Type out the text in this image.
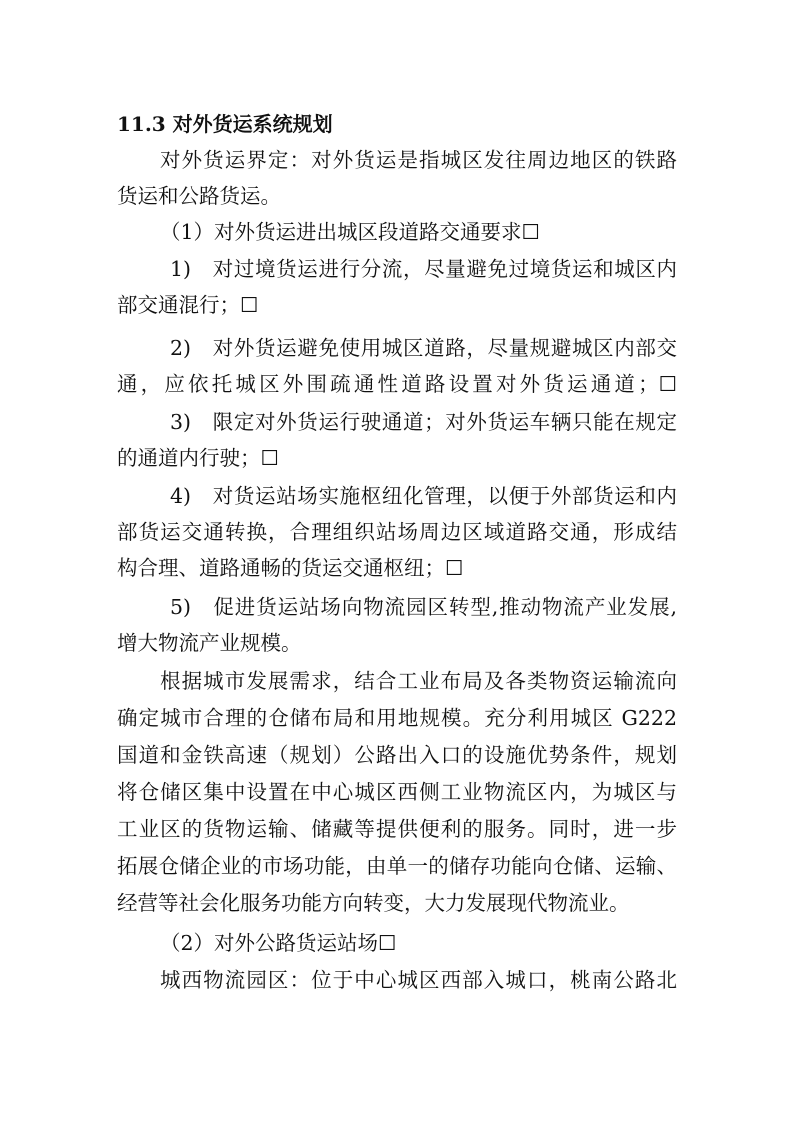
11.3 对外货运系统规划
对外货运界定：对外货运是指城区发往周边地区的铁路
货运和公路货运。
（1）对外货运进出城区段道路交通要求☐
1)　对过境货运进行分流，尽量避免过境货运和城区内
部交通混行；☐
2)　对外货运避免使用城区道路，尽量规避城区内部交
通，应依托城区外围疏通性道路设置对外货运通道；☐
3)　限定对外货运行驶通道；对外货运车辆只能在规定
的通道内行驶；☐
4)　对货运站场实施枢纽化管理，以便于外部货运和内
部货运交通转换，合理组织站场周边区域道路交通，形成结
构合理、道路通畅的货运交通枢纽；☐
5)　促进货运站场向物流园区转型,推动物流产业发展,
增大物流产业规模。
根据城市发展需求，结合工业布局及各类物资运输流向
确定城市合理的仓储布局和用地规模。充分利用城区 G222
国道和金铁高速（规划）公路出入口的设施优势条件，规划
将仓储区集中设置在中心城区西侧工业物流区内，为城区与
工业区的货物运输、储藏等提供便利的服务。同时，进一步
拓展仓储企业的市场功能，由单一的储存功能向仓储、运输、
经营等社会化服务功能方向转变，大力发展现代物流业。
（2）对外公路货运站场☐
城西物流园区：位于中心城区西部入城口，桃南公路北
